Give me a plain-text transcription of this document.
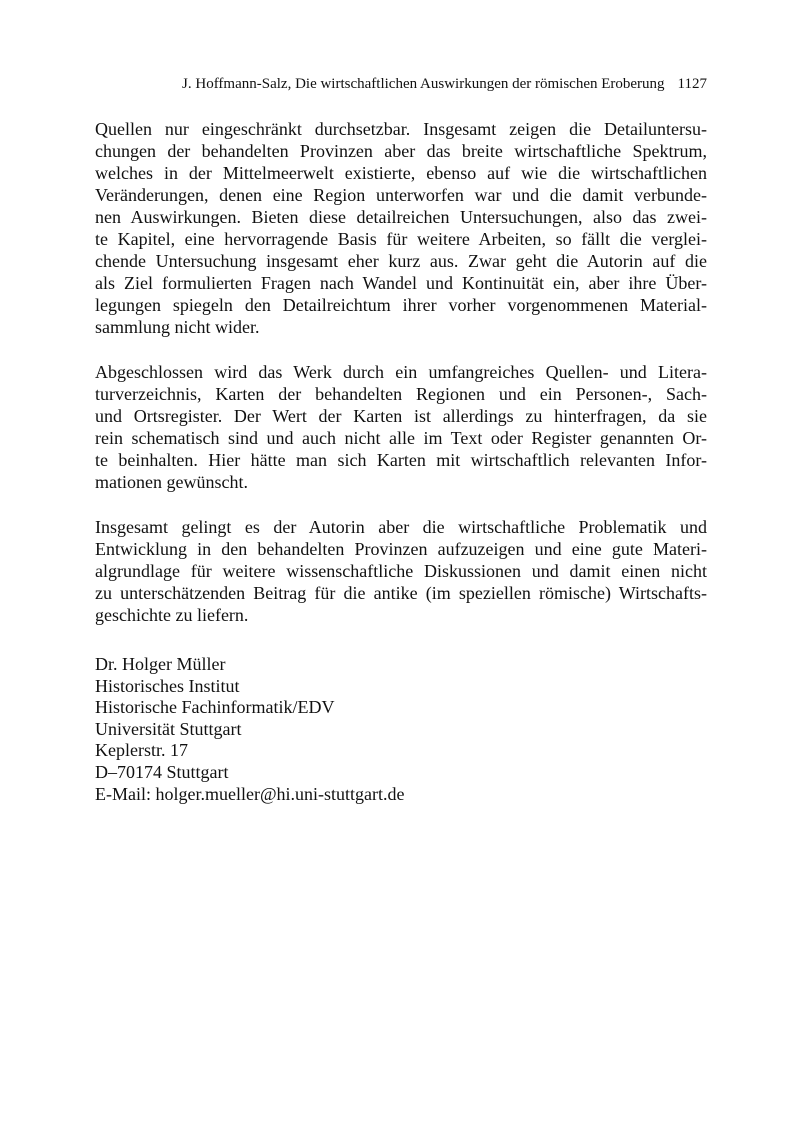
J. Hoffmann-Salz, Die wirtschaftlichen Auswirkungen der römischen Eroberung 1127
Quellen nur eingeschränkt durchsetzbar. Insgesamt zeigen die Detailuntersu-
chungen der behandelten Provinzen aber das breite wirtschaftliche Spektrum,
welches in der Mittelmeerwelt existierte, ebenso auf wie die wirtschaftlichen
Veränderungen, denen eine Region unterworfen war und die damit verbunde-
nen Auswirkungen. Bieten diese detailreichen Untersuchungen, also das zwei-
te Kapitel, eine hervorragende Basis für weitere Arbeiten, so fällt die verglei-
chende Untersuchung insgesamt eher kurz aus. Zwar geht die Autorin auf die
als Ziel formulierten Fragen nach Wandel und Kontinuität ein, aber ihre Über-
legungen spiegeln den Detailreichtum ihrer vorher vorgenommenen Material-
sammlung nicht wider.
Abgeschlossen wird das Werk durch ein umfangreiches Quellen- und Litera-
turverzeichnis, Karten der behandelten Regionen und ein Personen-, Sach-
und Ortsregister. Der Wert der Karten ist allerdings zu hinterfragen, da sie
rein schematisch sind und auch nicht alle im Text oder Register genannten Or-
te beinhalten. Hier hätte man sich Karten mit wirtschaftlich relevanten Infor-
mationen gewünscht.
Insgesamt gelingt es der Autorin aber die wirtschaftliche Problematik und
Entwicklung in den behandelten Provinzen aufzuzeigen und eine gute Materi-
algrundlage für weitere wissenschaftliche Diskussionen und damit einen nicht
zu unterschätzenden Beitrag für die antike (im speziellen römische) Wirtschafts-
geschichte zu liefern.
Dr. Holger Müller
Historisches Institut
Historische Fachinformatik/EDV
Universität Stuttgart
Keplerstr. 17
D–70174 Stuttgart
E-Mail: holger.mueller@hi.uni-stuttgart.de
